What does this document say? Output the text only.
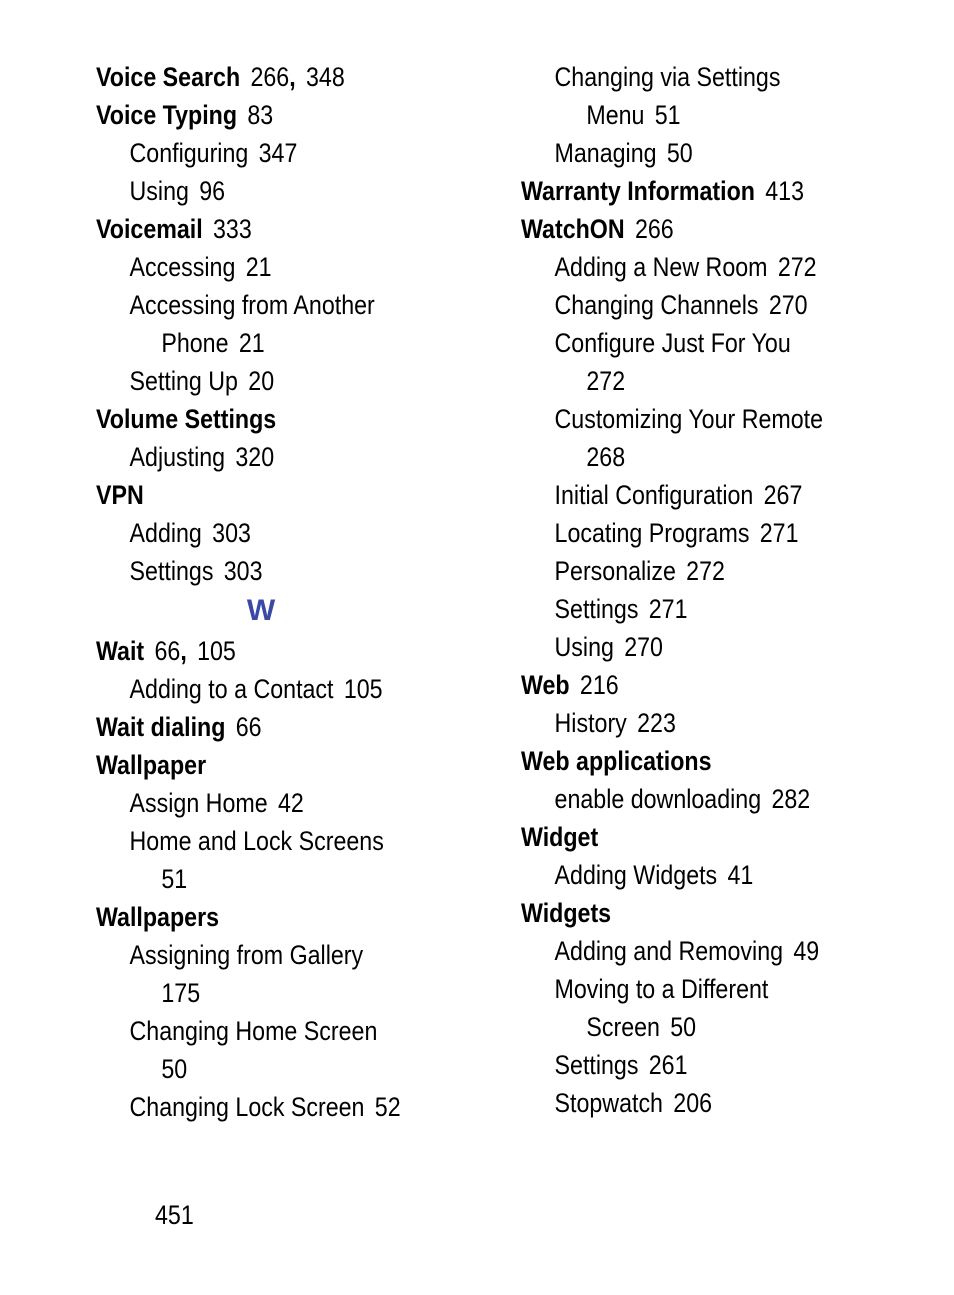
Voice Search 266, 348
Voice Typing 83
Configuring 347
Using 96
Voicemail 333
Accessing 21
Accessing from Another
Phone 21
Setting Up 20
Volume Settings
Adjusting 320
VPN
Adding 303
Settings 303
W
Wait 66, 105
Adding to a Contact 105
Wait dialing 66
Wallpaper
Assign Home 42
Home and Lock Screens
51
Wallpapers
Assigning from Gallery
175
Changing Home Screen
50
Changing Lock Screen 52
Changing via Settings
Menu 51
Managing 50
Warranty Information 413
WatchON 266
Adding a New Room 272
Changing Channels 270
Configure Just For You
272
Customizing Your Remote
268
Initial Configuration 267
Locating Programs 271
Personalize 272
Settings 271
Using 270
Web 216
History 223
Web applications
enable downloading 282
Widget
Adding Widgets 41
Widgets
Adding and Removing 49
Moving to a Different
Screen 50
Settings 261
Stopwatch 206
451
